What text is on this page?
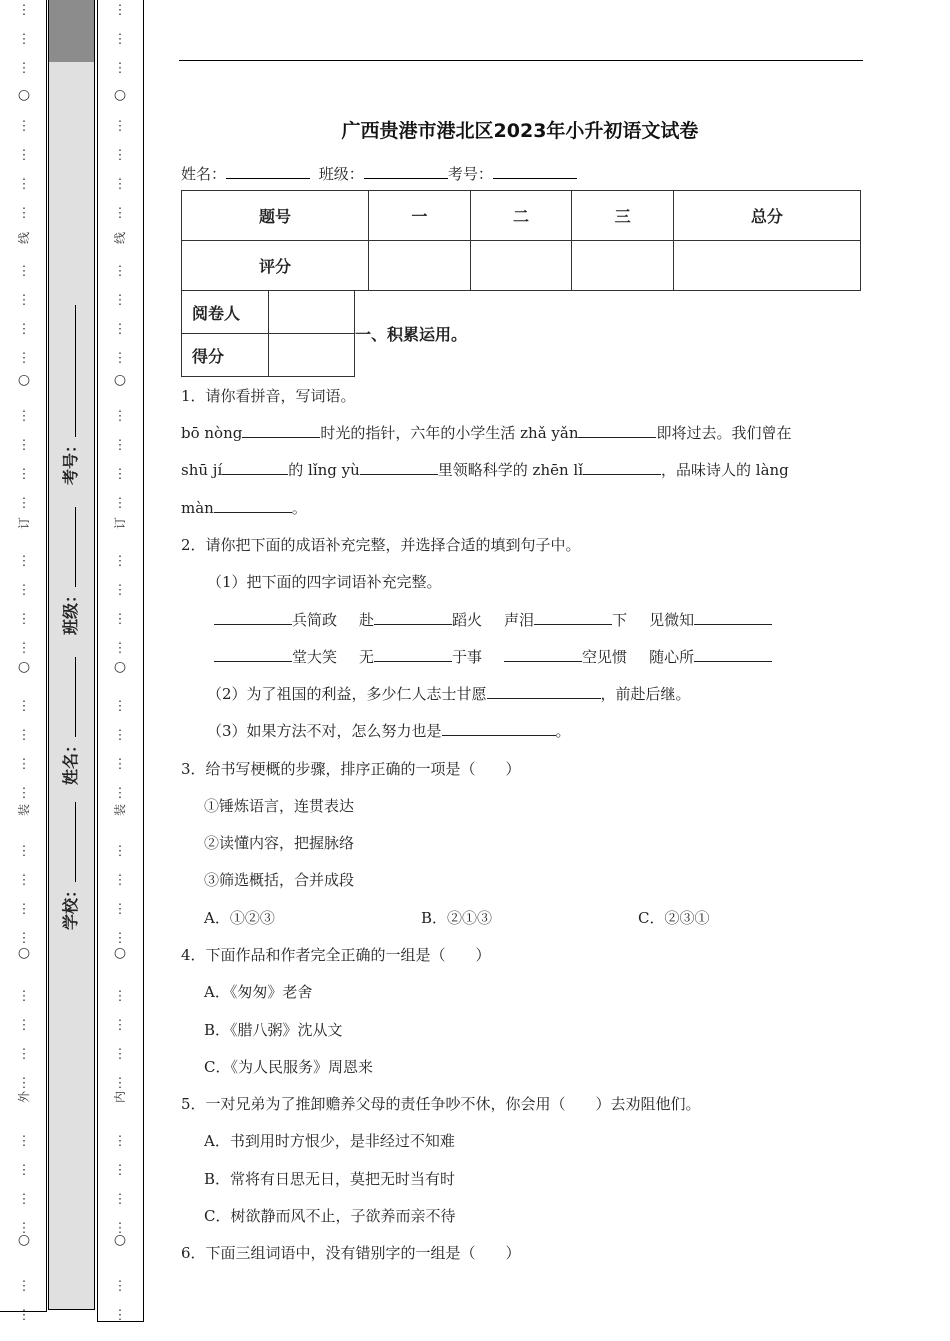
⋮
⋮
⋮
⋮
⋮
⋮
⋮
⋮
⋮
⋮
⋮
⋮
⋮
⋮
⋮
⋮
⋮
⋮
⋮
⋮
⋮
⋮
⋮
⋮
⋮
⋮
⋮
⋮
⋮
⋮
⋮
⋮
⋮
⋮
⋮
⋮
⋮
○
线
○
订
○
装
○
外
○
⋮
⋮
⋮
⋮
⋮
⋮
⋮
⋮
⋮
⋮
⋮
⋮
⋮
⋮
⋮
⋮
⋮
⋮
⋮
⋮
⋮
⋮
⋮
⋮
⋮
⋮
⋮
⋮
⋮
⋮
⋮
⋮
⋮
⋮
⋮
⋮
⋮
○
线
○
订
○
装
○
内
○
学校：
姓名：
班级：
考号：
广西贵港市港北区2023年小升初语文试卷
姓名：	班级：	考号：
题号	一	二	三	总分
评分				
阅卷人	
得分	
一、积累运用。
1．请你看拼音，写词语。
bō nòng	时光的指针，六年的小学生活 zhǎ yǎn	即将过去。我们曾在
shū jí	的 lǐng yù	里领略科学的 zhēn lǐ	，品味诗人的 làng
màn	。
2．请你把下面的成语补充完整，并选择合适的填到句子中。
（1）把下面的四字词语补充完整。
兵简政 赴	蹈火 声泪	下 见微知
堂大笑 无	于事	空见惯 随心所
（2）为了祖国的利益，多少仁人志士甘愿	，前赴后继。
（3）如果方法不对，怎么努力也是	。
3．给书写梗概的步骤，排序正确的一项是（　　）
①锤炼语言，连贯表达
②读懂内容，把握脉络
③筛选概括，合并成段
A．①②③	B．②①③	C．②③①
4．下面作品和作者完全正确的一组是（　　）
A．《匆匆》老舍
B．《腊八粥》沈从文
C．《为人民服务》周恩来
5．一对兄弟为了推卸赡养父母的责任争吵不休，你会用（　　）去劝阻他们。
A．书到用时方恨少，是非经过不知难
B．常将有日思无日，莫把无时当有时
C．树欲静而风不止，子欲养而亲不待
6．下面三组词语中，没有错别字的一组是（　　）
